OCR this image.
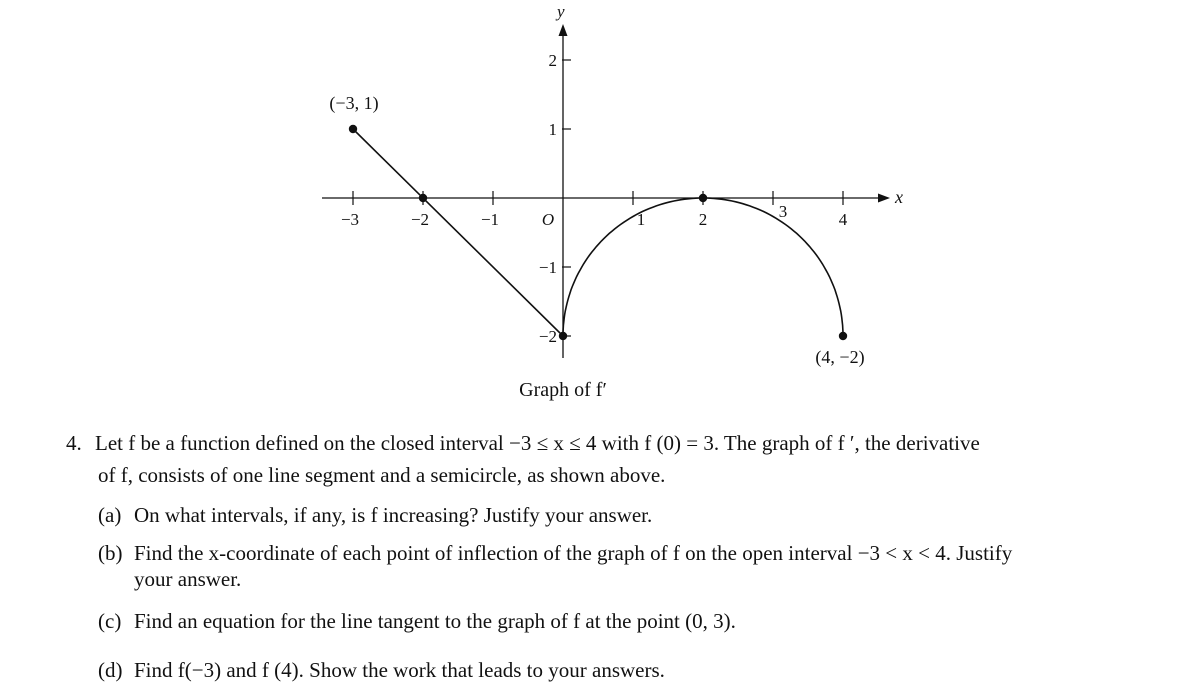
x
y
−3	−2	−1	O	1	2	3	4
−2
−1
1
2
(−3, 1)
(4, −2)
Graph of f′
4. Let f be a function defined on the closed interval −3 ≤ x ≤ 4 with f (0) = 3. The graph of f ′, the derivative
of f, consists of one line segment and a semicircle, as shown above.
(a) On what intervals, if any, is f increasing? Justify your answer.
(b) Find the x-coordinate of each point of inflection of the graph of f on the open interval −3 < x < 4. Justify
your answer.
(c) Find an equation for the line tangent to the graph of f at the point (0, 3).
(d) Find f(−3) and f (4). Show the work that leads to your answers.
